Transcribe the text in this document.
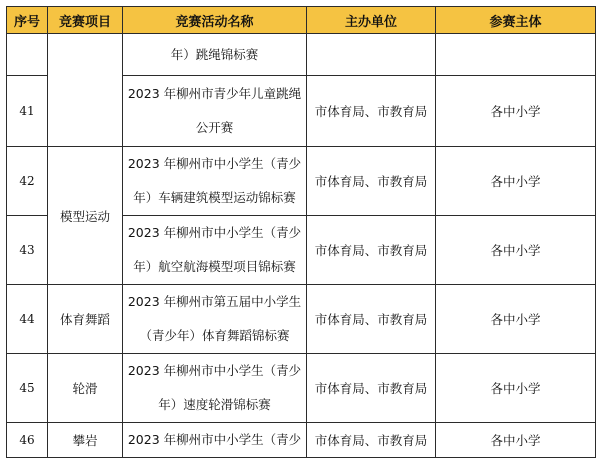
序号	竞赛项目	竞赛活动名称	主办单位	参赛主体
		年）跳绳锦标赛		
41		2023 年柳州市青少年儿童跳绳
公开赛	市体育局、市教育局	各中小学
42	模型运动	2023 年柳州市中小学生（青少
年）车辆建筑模型运动锦标赛	市体育局、市教育局	各中小学
43		2023 年柳州市中小学生（青少
年）航空航海模型项目锦标赛	市体育局、市教育局	各中小学
44	体育舞蹈	2023 年柳州市第五届中小学生
（青少年）体育舞蹈锦标赛	市体育局、市教育局	各中小学
45	轮滑	2023 年柳州市中小学生（青少
年）速度轮滑锦标赛	市体育局、市教育局	各中小学
46	攀岩	2023 年柳州市中小学生（青少	市体育局、市教育局	各中小学
